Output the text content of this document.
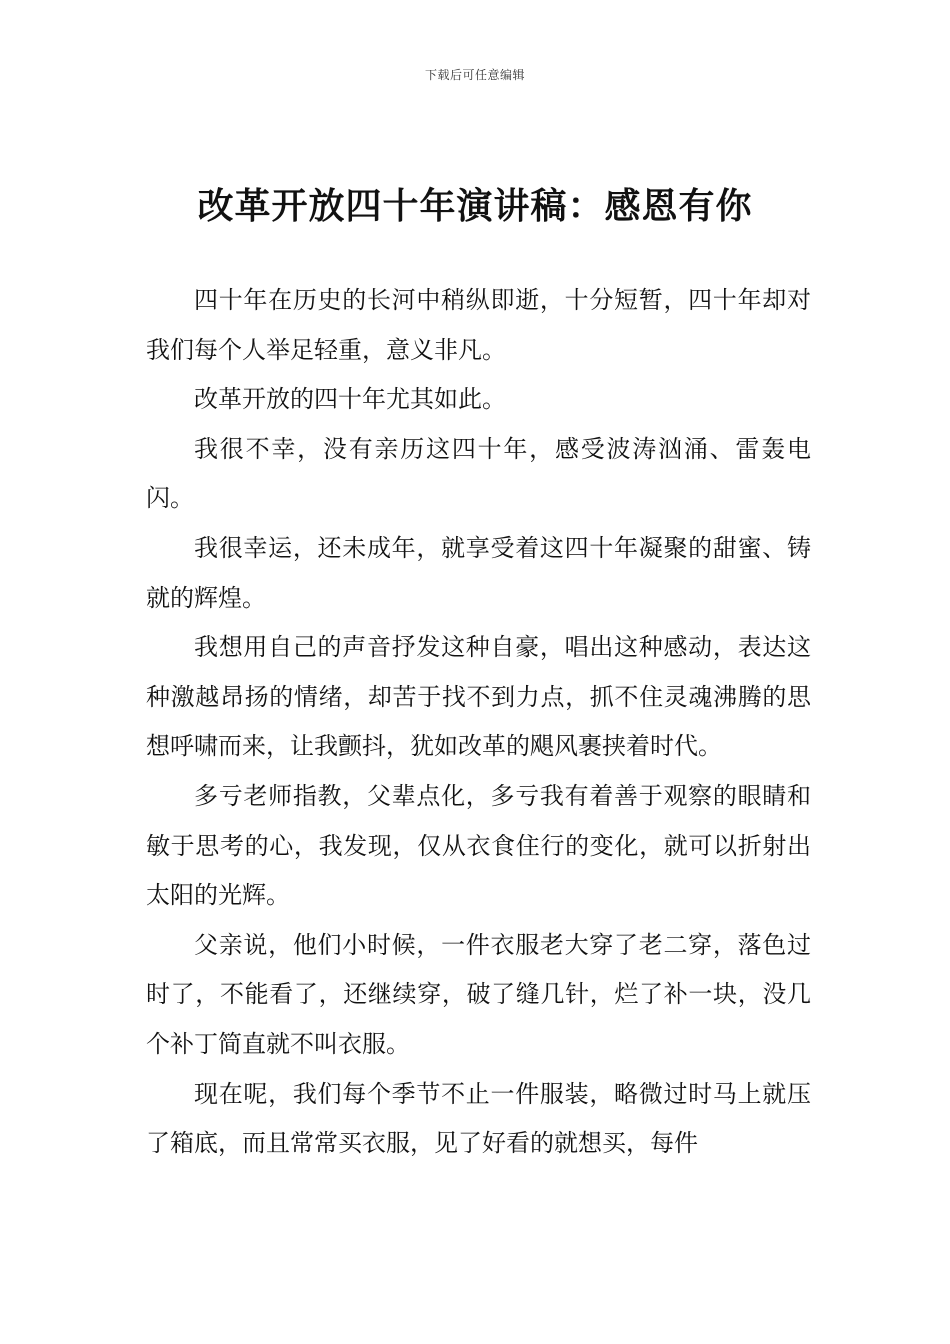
下载后可任意编辑
改革开放四十年演讲稿：感恩有你

四十年在历史的长河中稍纵即逝，十分短暂，四十年却对我们每个人举足轻重，意义非凡。

改革开放的四十年尤其如此。

我很不幸，没有亲历这四十年，感受波涛汹涌、雷轰电闪。

我很幸运，还未成年，就享受着这四十年凝聚的甜蜜、铸就的辉煌。

我想用自己的声音抒发这种自豪，唱出这种感动，表达这种激越昂扬的情绪，却苦于找不到力点，抓不住灵魂沸腾的思想呼啸而来，让我颤抖，犹如改革的飓风裹挟着时代。

多亏老师指教，父辈点化，多亏我有着善于观察的眼睛和敏于思考的心，我发现，仅从衣食住行的变化，就可以折射出太阳的光辉。

父亲说，他们小时候，一件衣服老大穿了老二穿，落色过时了，不能看了，还继续穿，破了缝几针，烂了补一块，没几个补丁简直就不叫衣服。

现在呢，我们每个季节不止一件服装，略微过时马上就压了箱底，而且常常买衣服，见了好看的就想买，每件
